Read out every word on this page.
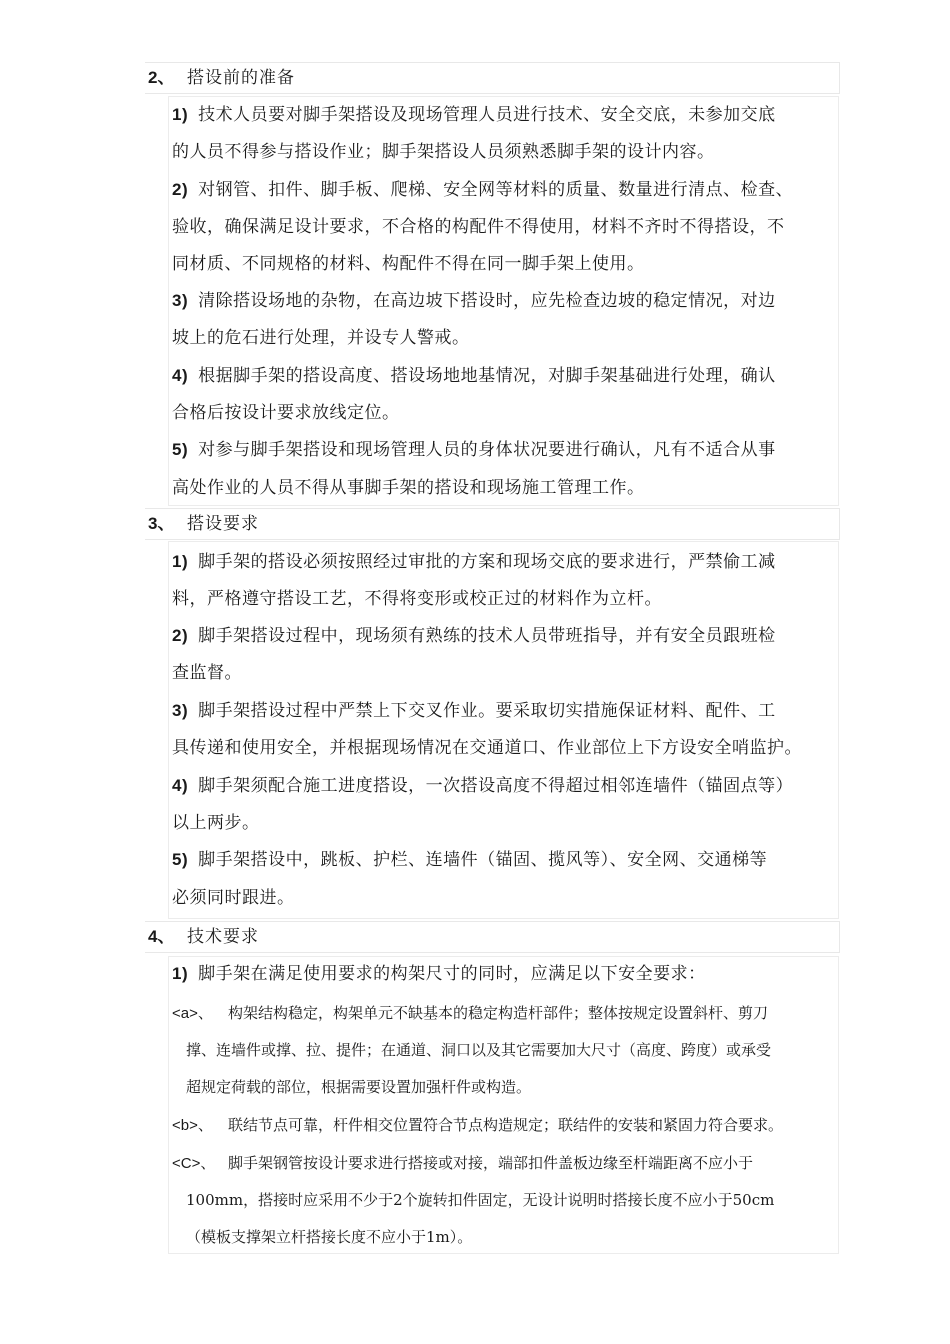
2、 搭设前的准备
1) 技术人员要对脚手架搭设及现场管理人员进行技术、安全交底，未参加交底
的人员不得参与搭设作业；脚手架搭设人员须熟悉脚手架的设计内容。
2) 对钢管、扣件、脚手板、爬梯、安全网等材料的质量、数量进行清点、检查、
验收，确保满足设计要求，不合格的构配件不得使用，材料不齐时不得搭设，不
同材质、不同规格的材料、构配件不得在同一脚手架上使用。
3) 清除搭设场地的杂物，在高边坡下搭设时，应先检查边坡的稳定情况，对边
坡上的危石进行处理，并设专人警戒。
4) 根据脚手架的搭设高度、搭设场地地基情况，对脚手架基础进行处理，确认
合格后按设计要求放线定位。
5) 对参与脚手架搭设和现场管理人员的身体状况要进行确认，凡有不适合从事
高处作业的人员不得从事脚手架的搭设和现场施工管理工作。
3、 搭设要求
1) 脚手架的搭设必须按照经过审批的方案和现场交底的要求进行，严禁偷工减
料，严格遵守搭设工艺，不得将变形或校正过的材料作为立杆。
2) 脚手架搭设过程中，现场须有熟练的技术人员带班指导，并有安全员跟班检
查监督。
3) 脚手架搭设过程中严禁上下交叉作业。要采取切实措施保证材料、配件、工
具传递和使用安全，并根据现场情况在交通道口、作业部位上下方设安全哨监护。
4) 脚手架须配合施工进度搭设，一次搭设高度不得超过相邻连墙件（锚固点等）
以上两步。
5) 脚手架搭设中，跳板、护栏、连墙件（锚固、揽风等）、安全网、交通梯等
必须同时跟进。
4、 技术要求
1) 脚手架在满足使用要求的构架尺寸的同时，应满足以下安全要求：
<a>、 构架结构稳定，构架单元不缺基本的稳定构造杆部件；整体按规定设置斜杆、剪刀
撑、连墙件或撑、拉、提件；在通道、洞口以及其它需要加大尺寸（高度、跨度）或承受
超规定荷载的部位，根据需要设置加强杆件或构造。
<b>、 联结节点可靠，杆件相交位置符合节点构造规定；联结件的安装和紧固力符合要求。
<C>、 脚手架钢管按设计要求进行搭接或对接，端部扣件盖板边缘至杆端距离不应小于
100mm，搭接时应采用不少于2个旋转扣件固定，无设计说明时搭接长度不应小于50cm
（模板支撑架立杆搭接长度不应小于1m）。
